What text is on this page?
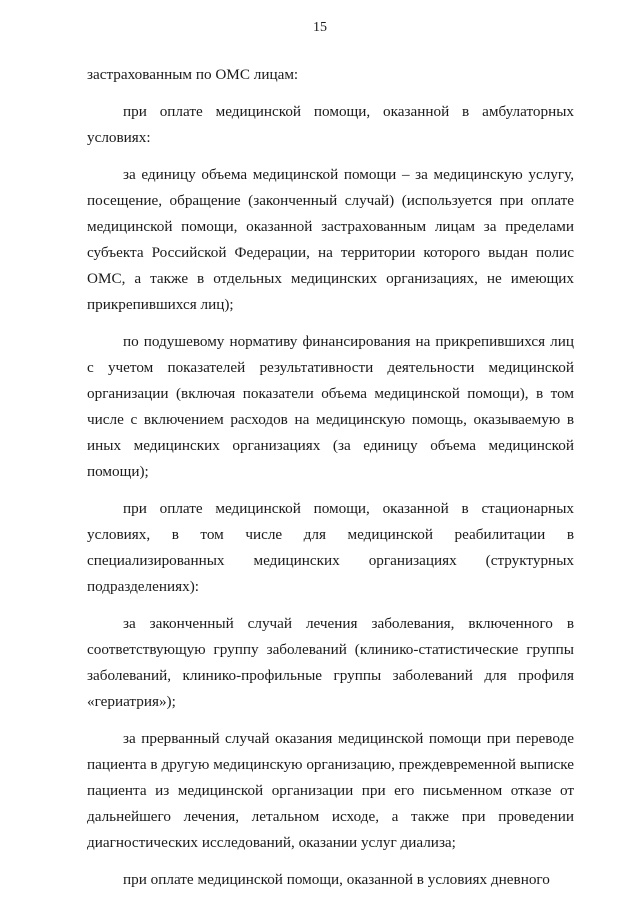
15

застрахованным по ОМС лицам:

при оплате медицинской помощи, оказанной в амбулаторных условиях:

за единицу объема медицинской помощи – за медицинскую услугу, посещение, обращение (законченный случай) (используется при оплате медицинской помощи, оказанной застрахованным лицам за пределами субъекта Российской Федерации, на территории которого выдан полис ОМС, а также в отдельных медицинских организациях, не имеющих прикрепившихся лиц);

по подушевому нормативу финансирования на прикрепившихся лиц с учетом показателей результативности деятельности медицинской организации (включая показатели объема медицинской помощи), в том числе с включением расходов на медицинскую помощь, оказываемую в иных медицинских организациях (за единицу объема медицинской помощи);

при оплате медицинской помощи, оказанной в стационарных условиях, в том числе для медицинской реабилитации в специализированных медицинских организациях (структурных подразделениях):

за законченный случай лечения заболевания, включенного в соответствующую группу заболеваний (клинико-статистические группы заболеваний, клинико-профильные группы заболеваний для профиля «гериатрия»);

за прерванный случай оказания медицинской помощи при переводе пациента в другую медицинскую организацию, преждевременной выписке пациента из медицинской организации при его письменном отказе от дальнейшего лечения, летальном исходе, а также при проведении диагностических исследований, оказании услуг диализа;

при оплате медицинской помощи, оказанной в условиях дневного
